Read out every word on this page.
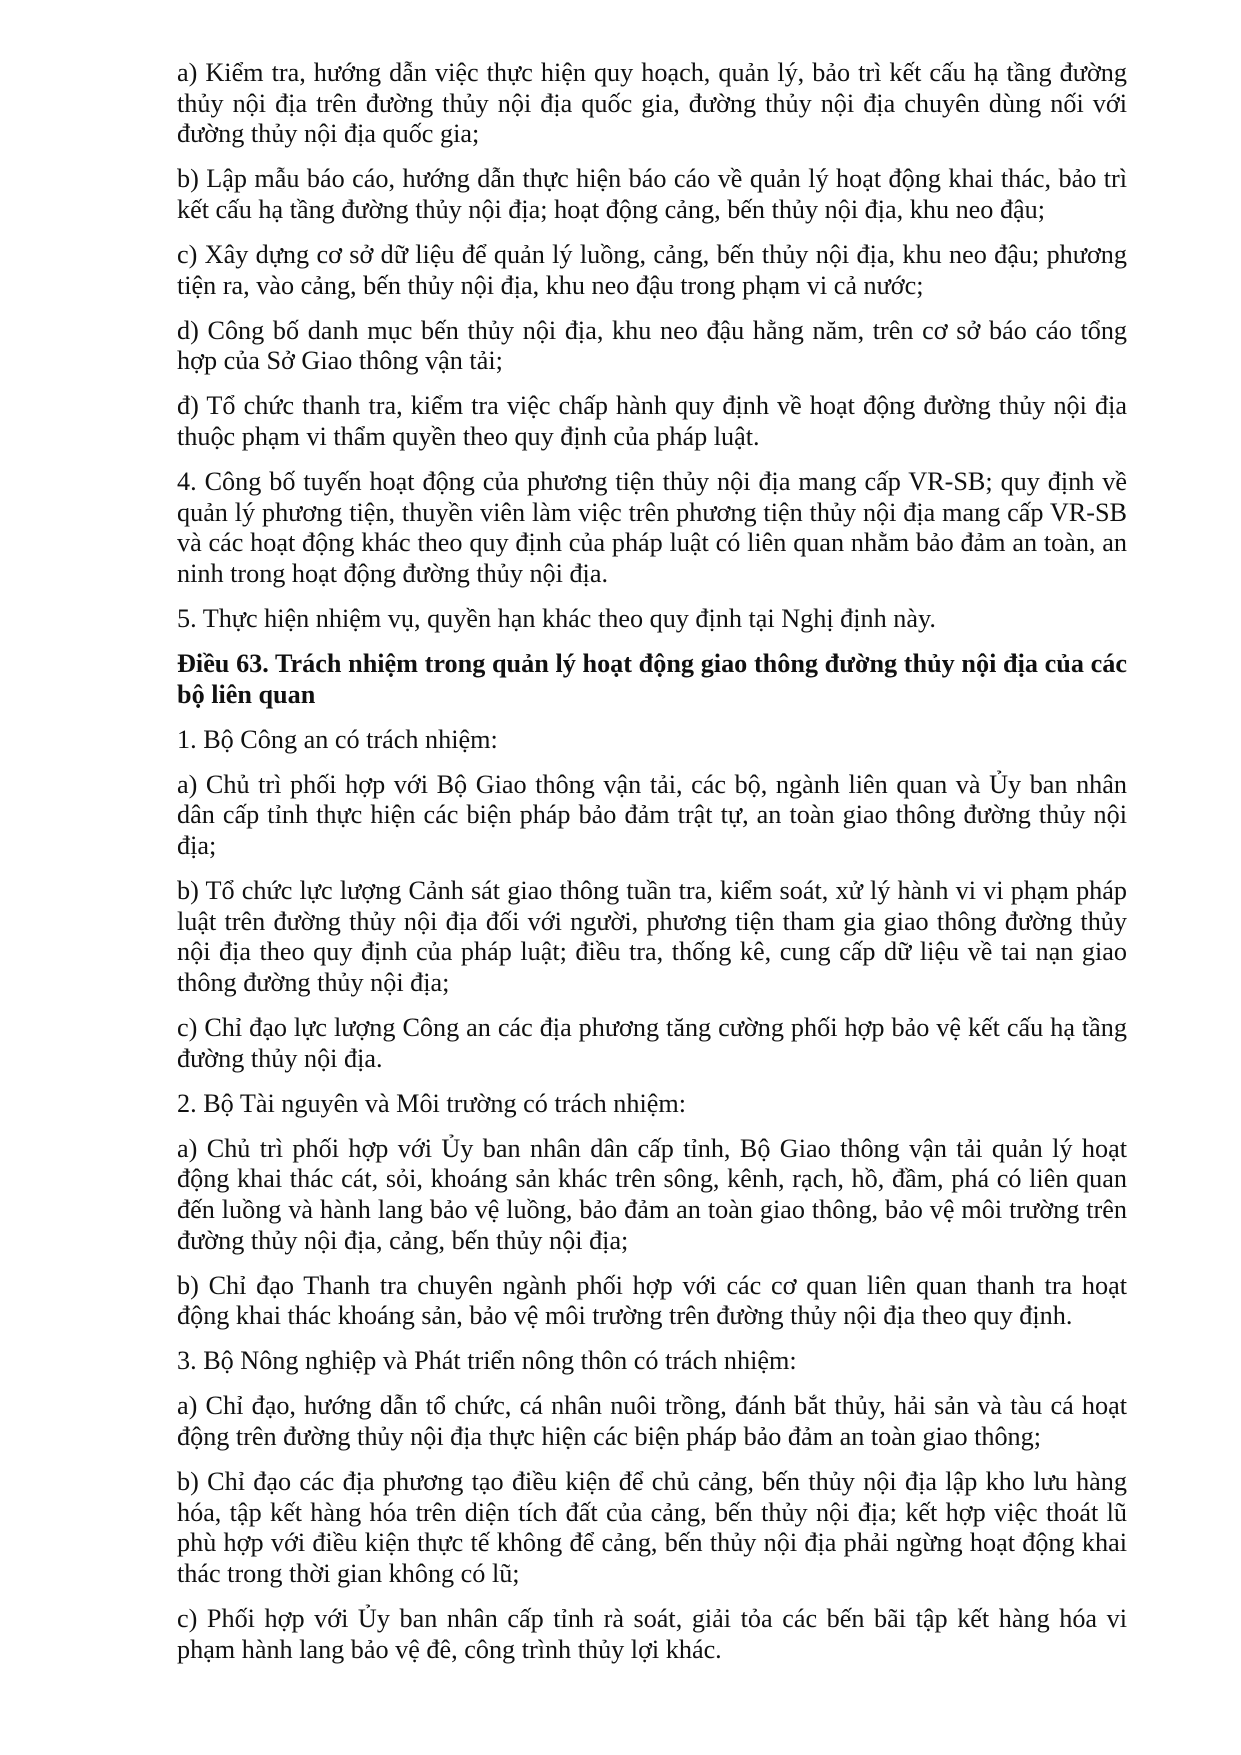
a) Kiểm tra, hướng dẫn việc thực hiện quy hoạch, quản lý, bảo trì kết cấu hạ tầng đường thủy nội địa trên đường thủy nội địa quốc gia, đường thủy nội địa chuyên dùng nối với đường thủy nội địa quốc gia;

b) Lập mẫu báo cáo, hướng dẫn thực hiện báo cáo về quản lý hoạt động khai thác, bảo trì kết cấu hạ tầng đường thủy nội địa; hoạt động cảng, bến thủy nội địa, khu neo đậu;

c) Xây dựng cơ sở dữ liệu để quản lý luồng, cảng, bến thủy nội địa, khu neo đậu; phương tiện ra, vào cảng, bến thủy nội địa, khu neo đậu trong phạm vi cả nước;

d) Công bố danh mục bến thủy nội địa, khu neo đậu hằng năm, trên cơ sở báo cáo tổng hợp của Sở Giao thông vận tải;

đ) Tổ chức thanh tra, kiểm tra việc chấp hành quy định về hoạt động đường thủy nội địa thuộc phạm vi thẩm quyền theo quy định của pháp luật.

4. Công bố tuyến hoạt động của phương tiện thủy nội địa mang cấp VR-SB; quy định về quản lý phương tiện, thuyền viên làm việc trên phương tiện thủy nội địa mang cấp VR-SB và các hoạt động khác theo quy định của pháp luật có liên quan nhằm bảo đảm an toàn, an ninh trong hoạt động đường thủy nội địa.

5. Thực hiện nhiệm vụ, quyền hạn khác theo quy định tại Nghị định này.

Điều 63. Trách nhiệm trong quản lý hoạt động giao thông đường thủy nội địa của các bộ liên quan

1. Bộ Công an có trách nhiệm:

a) Chủ trì phối hợp với Bộ Giao thông vận tải, các bộ, ngành liên quan và Ủy ban nhân dân cấp tỉnh thực hiện các biện pháp bảo đảm trật tự, an toàn giao thông đường thủy nội địa;

b) Tổ chức lực lượng Cảnh sát giao thông tuần tra, kiểm soát, xử lý hành vi vi phạm pháp luật trên đường thủy nội địa đối với người, phương tiện tham gia giao thông đường thủy nội địa theo quy định của pháp luật; điều tra, thống kê, cung cấp dữ liệu về tai nạn giao thông đường thủy nội địa;

c) Chỉ đạo lực lượng Công an các địa phương tăng cường phối hợp bảo vệ kết cấu hạ tầng đường thủy nội địa.

2. Bộ Tài nguyên và Môi trường có trách nhiệm:

a) Chủ trì phối hợp với Ủy ban nhân dân cấp tỉnh, Bộ Giao thông vận tải quản lý hoạt động khai thác cát, sỏi, khoáng sản khác trên sông, kênh, rạch, hồ, đầm, phá có liên quan đến luồng và hành lang bảo vệ luồng, bảo đảm an toàn giao thông, bảo vệ môi trường trên đường thủy nội địa, cảng, bến thủy nội địa;

b) Chỉ đạo Thanh tra chuyên ngành phối hợp với các cơ quan liên quan thanh tra hoạt động khai thác khoáng sản, bảo vệ môi trường trên đường thủy nội địa theo quy định.

3. Bộ Nông nghiệp và Phát triển nông thôn có trách nhiệm:

a) Chỉ đạo, hướng dẫn tổ chức, cá nhân nuôi trồng, đánh bắt thủy, hải sản và tàu cá hoạt động trên đường thủy nội địa thực hiện các biện pháp bảo đảm an toàn giao thông;

b) Chỉ đạo các địa phương tạo điều kiện để chủ cảng, bến thủy nội địa lập kho lưu hàng hóa, tập kết hàng hóa trên diện tích đất của cảng, bến thủy nội địa; kết hợp việc thoát lũ phù hợp với điều kiện thực tế không để cảng, bến thủy nội địa phải ngừng hoạt động khai thác trong thời gian không có lũ;

c) Phối hợp với Ủy ban nhân cấp tỉnh rà soát, giải tỏa các bến bãi tập kết hàng hóa vi phạm hành lang bảo vệ đê, công trình thủy lợi khác.
